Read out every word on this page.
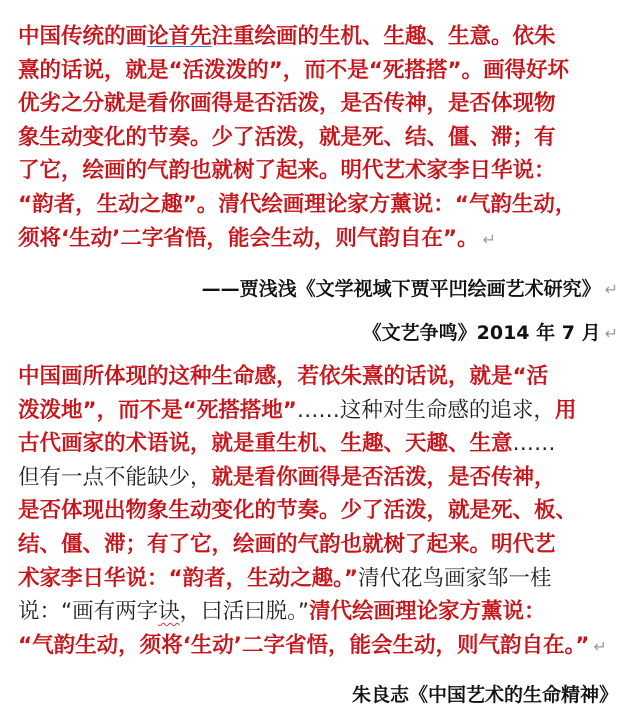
中国传统的画论首先注重绘画的生机、生趣、生意。依朱
熹的话说，就是“活泼泼的”，而不是“死搭搭”。画得好坏
优劣之分就是看你画得是否活泼，是否传神，是否体现物
象生动变化的节奏。少了活泼，就是死、结、僵、滞；有
了它，绘画的气韵也就树了起来。明代艺术家李日华说：
“韵者，生动之趣”。清代绘画理论家方薰说：“气韵生动，
须将‘生动’二字省悟，能会生动，则气韵自在”。 ↵

——贾浅浅《文学视域下贾平凹绘画艺术研究》 ↵
《文艺争鸣》2014 年 7 月 ↵

中国画所体现的这种生命感，若依朱熹的话说，就是“活
泼泼地”，而不是“死搭搭地”……这种对生命感的追求，用
古代画家的术语说，就是重生机、生趣、天趣、生意……
但有一点不能缺少，就是看你画得是否活泼，是否传神，
是否体现出物象生动变化的节奏。少了活泼，就是死、板、
结、僵、滞；有了它，绘画的气韵也就树了起来。明代艺
术家李日华说：“韵者，生动之趣。”清代花鸟画家邹一桂
说：“画有两字诀，曰活曰脱。”清代绘画理论家方薰说：
“气韵生动，须将‘生动’二字省悟，能会生动，则气韵自在。” ↵

朱良志《中国艺术的生命精神》
